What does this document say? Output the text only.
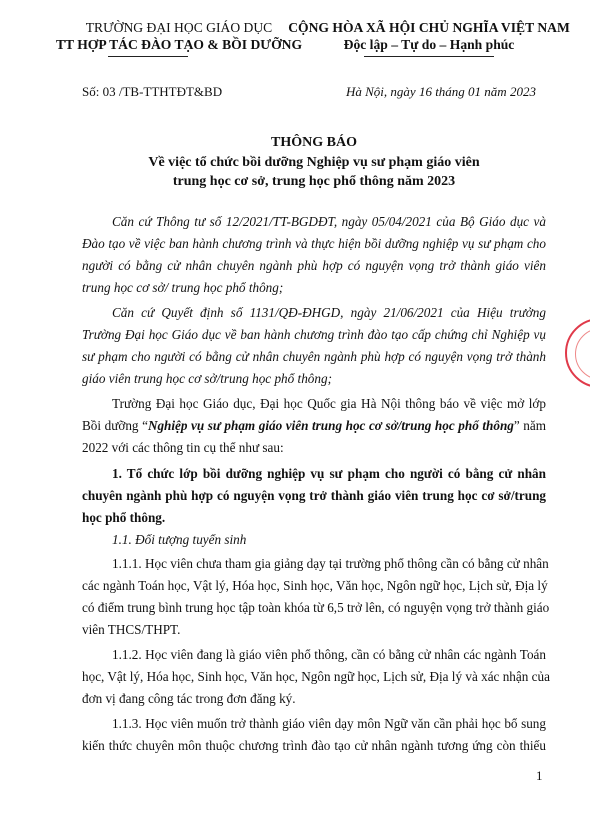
TRƯỜNG ĐẠI HỌC GIÁO DỤC
TT HỢP TÁC ĐÀO TẠO & BỒI DƯỠNG
CỘNG HÒA XÃ HỘI CHỦ NGHĨA VIỆT NAM
Độc lập – Tự do – Hạnh phúc
Số: 03 /TB-TTHTĐT&BD	Hà Nội, ngày 16 tháng 01 năm 2023
THÔNG BÁO
Về việc tổ chức bồi dưỡng Nghiệp vụ sư phạm giáo viên
trung học cơ sở, trung học phổ thông năm 2023
Căn cứ Thông tư số 12/2021/TT-BGDĐT, ngày 05/04/2021 của Bộ Giáo dục và
Đào tạo về việc ban hành chương trình và thực hiện bồi dưỡng nghiệp vụ sư phạm cho
người có bằng cử nhân chuyên ngành phù hợp có nguyện vọng trở thành giáo viên
trung học cơ sở/ trung học phổ thông;
Căn cứ Quyết định số 1131/QĐ-ĐHGD, ngày 21/06/2021 của Hiệu trưởng
Trường Đại học Giáo dục về ban hành chương trình đào tạo cấp chứng chỉ Nghiệp vụ
sư phạm cho người có bằng cử nhân chuyên ngành phù hợp có nguyện vọng trở thành
giáo viên trung học cơ sở/trung học phổ thông;
Trường Đại học Giáo dục, Đại học Quốc gia Hà Nội thông báo về việc mở lớp
Bồi dưỡng “Nghiệp vụ sư phạm giáo viên trung học cơ sở/trung học phổ thông” năm
2022 với các thông tin cụ thể như sau:
1. Tổ chức lớp bồi dưỡng nghiệp vụ sư phạm cho người có bằng cử nhân
chuyên ngành phù hợp có nguyện vọng trở thành giáo viên trung học cơ sở/trung
học phổ thông.
1.1. Đối tượng tuyển sinh
1.1.1. Học viên chưa tham gia giảng dạy tại trường phổ thông cần có bằng cử nhân
các ngành Toán học, Vật lý, Hóa học, Sinh học, Văn học, Ngôn ngữ học, Lịch sử, Địa lý
có điểm trung bình trung học tập toàn khóa từ 6,5 trở lên, có nguyện vọng trở thành giáo
viên THCS/THPT.
1.1.2. Học viên đang là giáo viên phổ thông, cần có bằng cử nhân các ngành Toán
học, Vật lý, Hóa học, Sinh học, Văn học, Ngôn ngữ học, Lịch sử, Địa lý và xác nhận của
đơn vị đang công tác trong đơn đăng ký.
1.1.3. Học viên muốn trở thành giáo viên dạy môn Ngữ văn cần phải học bổ sung
kiến thức chuyên môn thuộc chương trình đào tạo cử nhân ngành tương ứng còn thiếu
1
